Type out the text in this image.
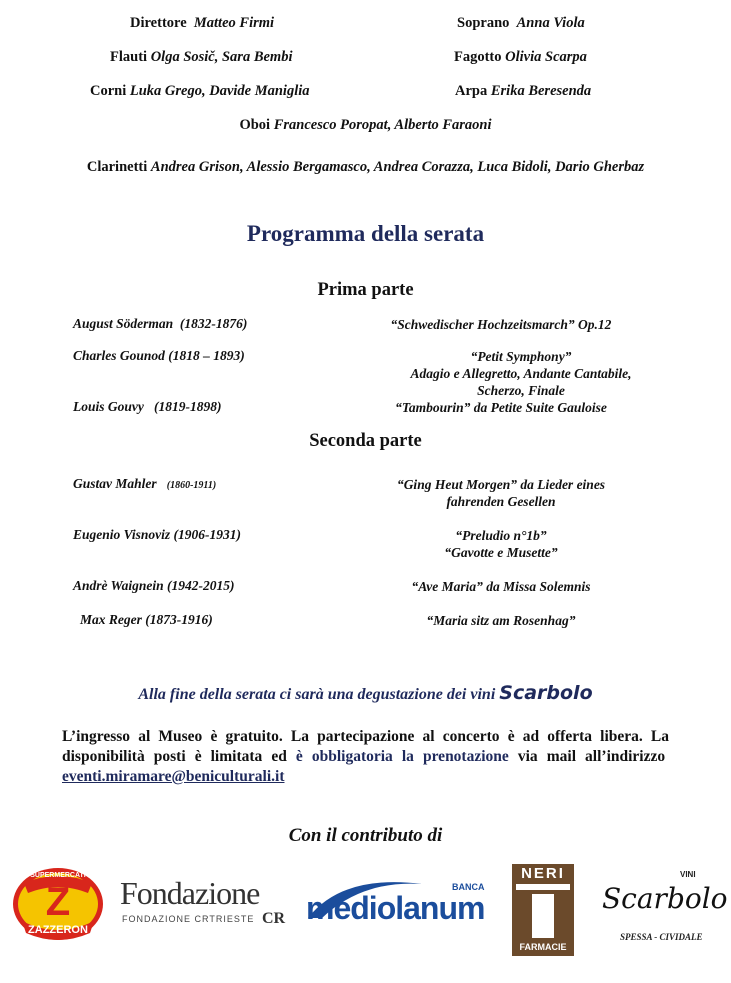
Direttore Matteo Firmi	Soprano Anna Viola
Flauti Olga Sosič, Sara Bembi	Fagotto Olivia Scarpa
Corni Luka Grego, Davide Maniglia	Arpa Erika Beresenda
Oboi Francesco Poropat, Alberto Faraoni
Clarinetti Andrea Grison, Alessio Bergamasco, Andrea Corazza, Luca Bidoli, Dario Gherbaz
Programma della serata
Prima parte
August Söderman (1832-1876)	“Schwedischer Hochzeitsmarch” Op.12
Charles Gounod (1818 – 1893)	“Petit Symphony”
Adagio e Allegretto, Andante Cantabile,
Scherzo, Finale
Louis Gouvy (1819-1898)	“Tambourin” da Petite Suite Gauloise
Seconda parte
Gustav Mahler (1860-1911)	“Ging Heut Morgen” da Lieder eines
fahrenden Gesellen
Eugenio Visnoviz (1906-1931)	“Preludio n°1b”
“Gavotte e Musette”
Andrè Waignein (1942-2015)	“Ave Maria” da Missa Solemnis
Max Reger (1873-1916)	“Maria sitz am Rosenhag”
Alla fine della serata ci sarà una degustazione dei vini Scarbolo
L’ingresso al Museo è gratuito. La partecipazione al concerto è ad offerta libera. La disponibilità posti è limitata ed è obbligatoria la prenotazione via mail all’indirizzo  eventi.miramare@beniculturali.it
Con il contributo di
SUPERMERCATI
Z
ZAZZERON
Fondazione
FONDAZIONE CRTRIESTE CR
BANCA
mediolanum
NERI
FARMACIE
VINI
Scarbolo
SPESSA - CIVIDALE
